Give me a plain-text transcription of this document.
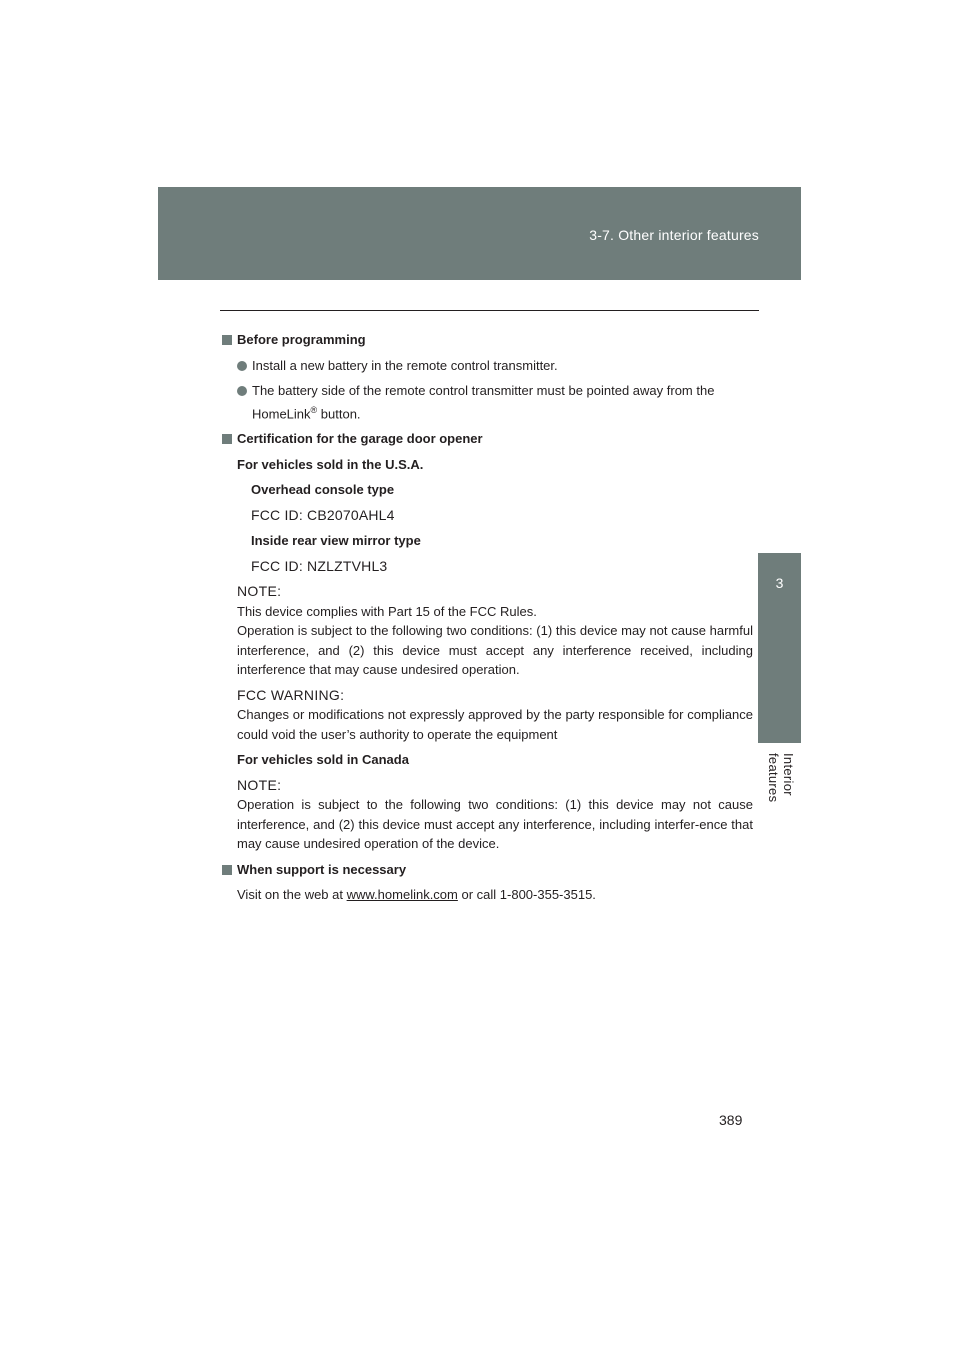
3-7. Other interior features
3
Interior features
Before programming

Install a new battery in the remote control transmitter.

The battery side of the remote control transmitter must be pointed away from the HomeLink® button.

Certification for the garage door opener
For vehicles sold in the U.S.A.
Overhead console type
FCC ID: CB2070AHL4
Inside rear view mirror type
FCC ID: NZLZTVHL3
NOTE:

This device complies with Part 15 of the FCC Rules.

Operation is subject to the following two conditions: (1) this device may not cause harmful interference, and (2) this device must accept any interference received, including interference that may cause undesired operation.

FCC WARNING:

Changes or modifications not expressly approved by the party responsible for compliance could void the user’s authority to operate the equipment

For vehicles sold in Canada
NOTE:

Operation is subject to the following two conditions: (1) this device may not cause interference, and (2) this device must accept any interference, including interfer-ence that may cause undesired operation of the device.

When support is necessary
Visit on the web at www.homelink.com or call 1-800-355-3515.
389
